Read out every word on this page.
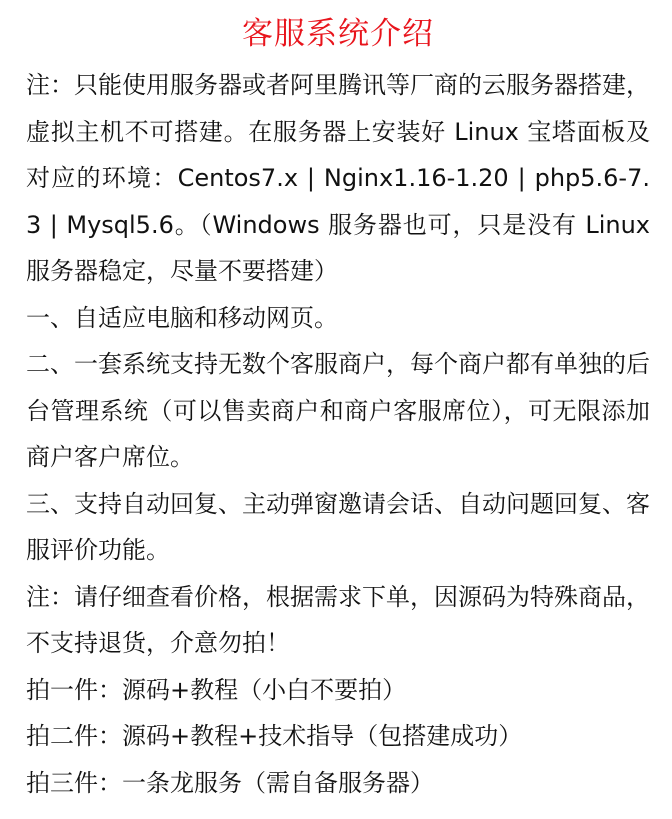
客服系统介绍

注：只能使用服务器或者阿里腾讯等厂商的云服务器搭建，虚拟主机不可搭建。在服务器上安装好 Linux 宝塔面板及对应的环境：Centos7.x | Nginx1.16-1.20 | php5.6-7.3 | Mysql5.6。（Windows 服务器也可，只是没有 Linux 服务器稳定，尽量不要搭建）

一、自适应电脑和移动网页。

二、一套系统支持无数个客服商户，每个商户都有单独的后台管理系统（可以售卖商户和商户客服席位），可无限添加商户客户席位。

三、支持自动回复、主动弹窗邀请会话、自动问题回复、客服评价功能。

注：请仔细查看价格，根据需求下单，因源码为特殊商品，不支持退货，介意勿拍！

拍一件：源码+教程（小白不要拍）

拍二件：源码+教程+技术指导（包搭建成功）

拍三件：一条龙服务（需自备服务器）
